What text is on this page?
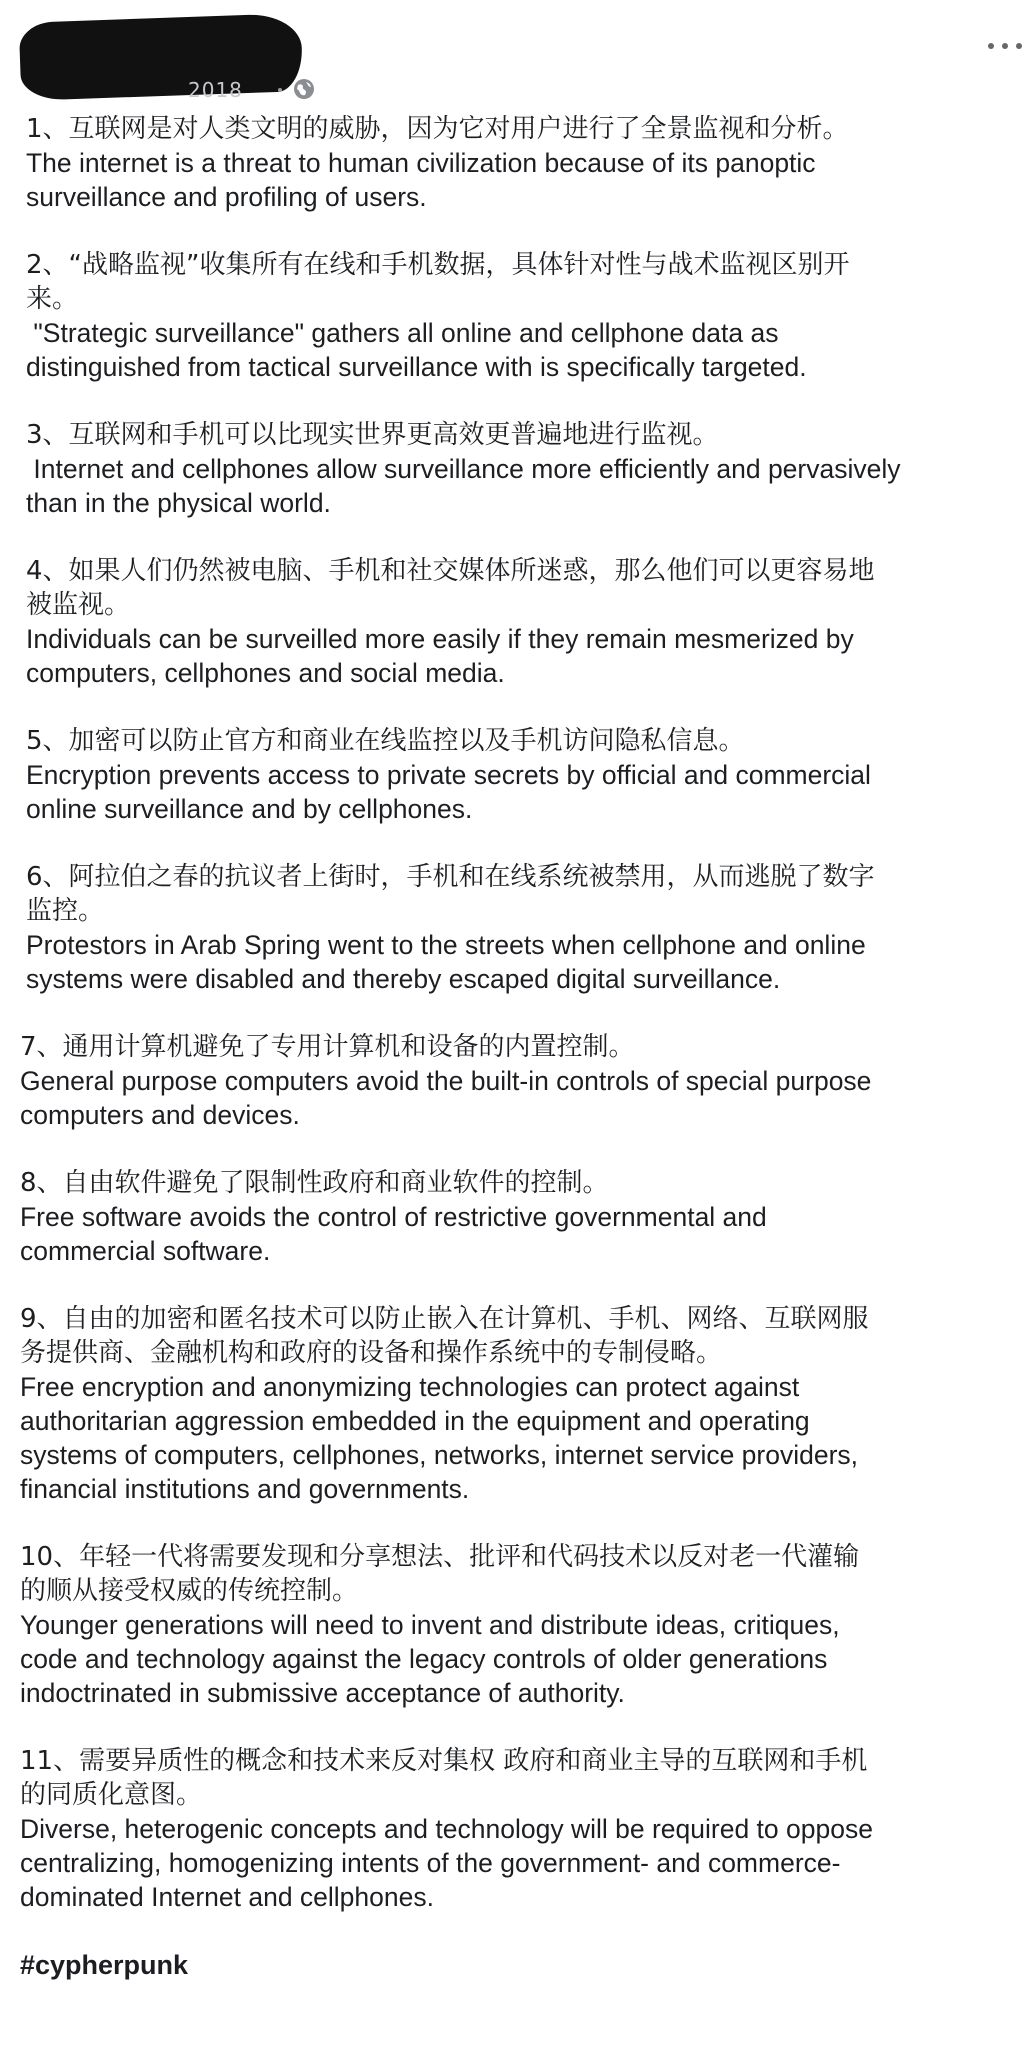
2018

1、互联网是对人类文明的威胁，因为它对用户进行了全景监视和分析。

The internet is a threat to human civilization because of its panoptic
surveillance and profiling of users.

2、“战略监视”收集所有在线和手机数据，具体针对性与战术监视区别开
来。

"Strategic surveillance" gathers all online and cellphone data as
distinguished from tactical surveillance with is specifically targeted.

3、互联网和手机可以比现实世界更高效更普遍地进行监视。

Internet and cellphones allow surveillance more efficiently and pervasively
than in the physical world.

4、如果人们仍然被电脑、手机和社交媒体所迷惑，那么他们可以更容易地
被监视。

Individuals can be surveilled more easily if they remain mesmerized by
computers, cellphones and social media.

5、加密可以防止官方和商业在线监控以及手机访问隐私信息。

Encryption prevents access to private secrets by official and commercial
online surveillance and by cellphones.

6、阿拉伯之春的抗议者上街时，手机和在线系统被禁用，从而逃脱了数字
监控。

Protestors in Arab Spring went to the streets when cellphone and online
systems were disabled and thereby escaped digital surveillance.

7、通用计算机避免了专用计算机和设备的内置控制。

General purpose computers avoid the built-in controls of special purpose
computers and devices.

8、自由软件避免了限制性政府和商业软件的控制。

Free software avoids the control of restrictive governmental and
commercial software.

9、自由的加密和匿名技术可以防止嵌入在计算机、手机、网络、互联网服
务提供商、金融机构和政府的设备和操作系统中的专制侵略。

Free encryption and anonymizing technologies can protect against
authoritarian aggression embedded in the equipment and operating
systems of computers, cellphones, networks, internet service providers,
financial institutions and governments.

10、年轻一代将需要发现和分享想法、批评和代码技术以反对老一代灌输
的顺从接受权威的传统控制。

Younger generations will need to invent and distribute ideas, critiques,
code and technology against the legacy controls of older generations
indoctrinated in submissive acceptance of authority.

11、需要异质性的概念和技术来反对集权 政府和商业主导的互联网和手机
的同质化意图。

Diverse, heterogenic concepts and technology will be required to oppose
centralizing, homogenizing intents of the government- and commerce-
dominated Internet and cellphones.

#cypherpunk
